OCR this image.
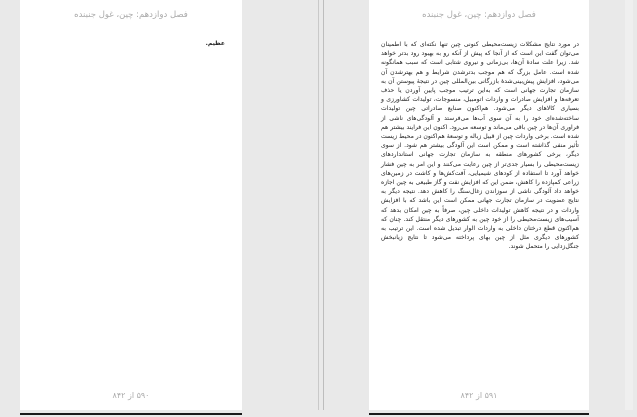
فصل دوازدهم: چین، غول جنبنده
عظیم.
۵۹۰ از ۸۴۲
فصل دوازدهم: چین، غول جنبنده
در مورد نتایج مشکلات زیست‌محیطی کنونی چین تنها نکته‌ای که با اطمینان می‌توان گفت این است که از آنجا که پیش از آنکه رو به بهبود رود بدتر خواهد شد. زیرا علت سادهٔ آن‌ها، بی‌زمانی و نیروی شتابی است که سبب همانگونه شده است. عامل بزرگ که هم موجب بدترشدن شرایط و هم بهترشدن آن می‌شود، افزایش پیش‌بینی‌شدهٔ بازرگانی بین‌المللی چین در نتیجهٔ پیوستن آن به سازمان تجارت جهانی است که به‌این ترتیب موجب پایین آوردن یا حذف تعرفه‌ها و افزایش صادرات و واردات اتومبیل، منسوجات، تولیدات کشاورزی و بسیاری کالاهای دیگر می‌شود. هم‌اکنون صنایع صادراتی چین تولیدات ساخته‌شده‌ای خود را به آن سوی آب‌ها می‌فرستد و آلودگی‌های ناشی از فراوری آن‌ها در چین باقی می‌ماند و توسعه می‌رود. اکنون این فرایند بیشتر هم شده است. برخی واردات چین از قبیل زباله و توسعهٔ هم‌اکنون در محیط زیست تأثیر منفی گذاشته است و ممکن است این آلودگی بیشتر هم شود. از سوی دیگر، برخی کشورهای منطقه به سازمان تجارت جهانی استانداردهای زیست‌محیطی را بسیار جدی‌تر از چین رعایت می‌کنند و این امر به چین فشار خواهد آورد تا استفاده از کودهای شیمیایی، آفت‌کش‌ها و کاشت در زمین‌های زراعی کمپازده را کاهش، ضمن این که افزایش نفت و گاز طبیعی به چین اجازه خواهد داد آلودگی ناشی از سوزاندن زغال‌سنگ را کاهش دهد. نتیجه دیگر به نتایج عضویت در سازمان تجارت جهانی ممکن است این باشد که با افزایش واردات و در نتیجه کاهش تولیدات داخلی چین، صرفاً به چین امکان بدهد که آسیب‌های زیست‌محیطی را از خود چین به کشورهای دیگر منتقل کند. چنان که هم‌اکنون قطع درختان داخلی به واردات الوار تبدیل شده است. این ترتیب به کشورهای دیگری مثل از چین بهای پرداخته می‌شود تا نتایج زیانبخش جنگل‌زدایی را متحمل شوند.
۵۹۱ از ۸۴۲
